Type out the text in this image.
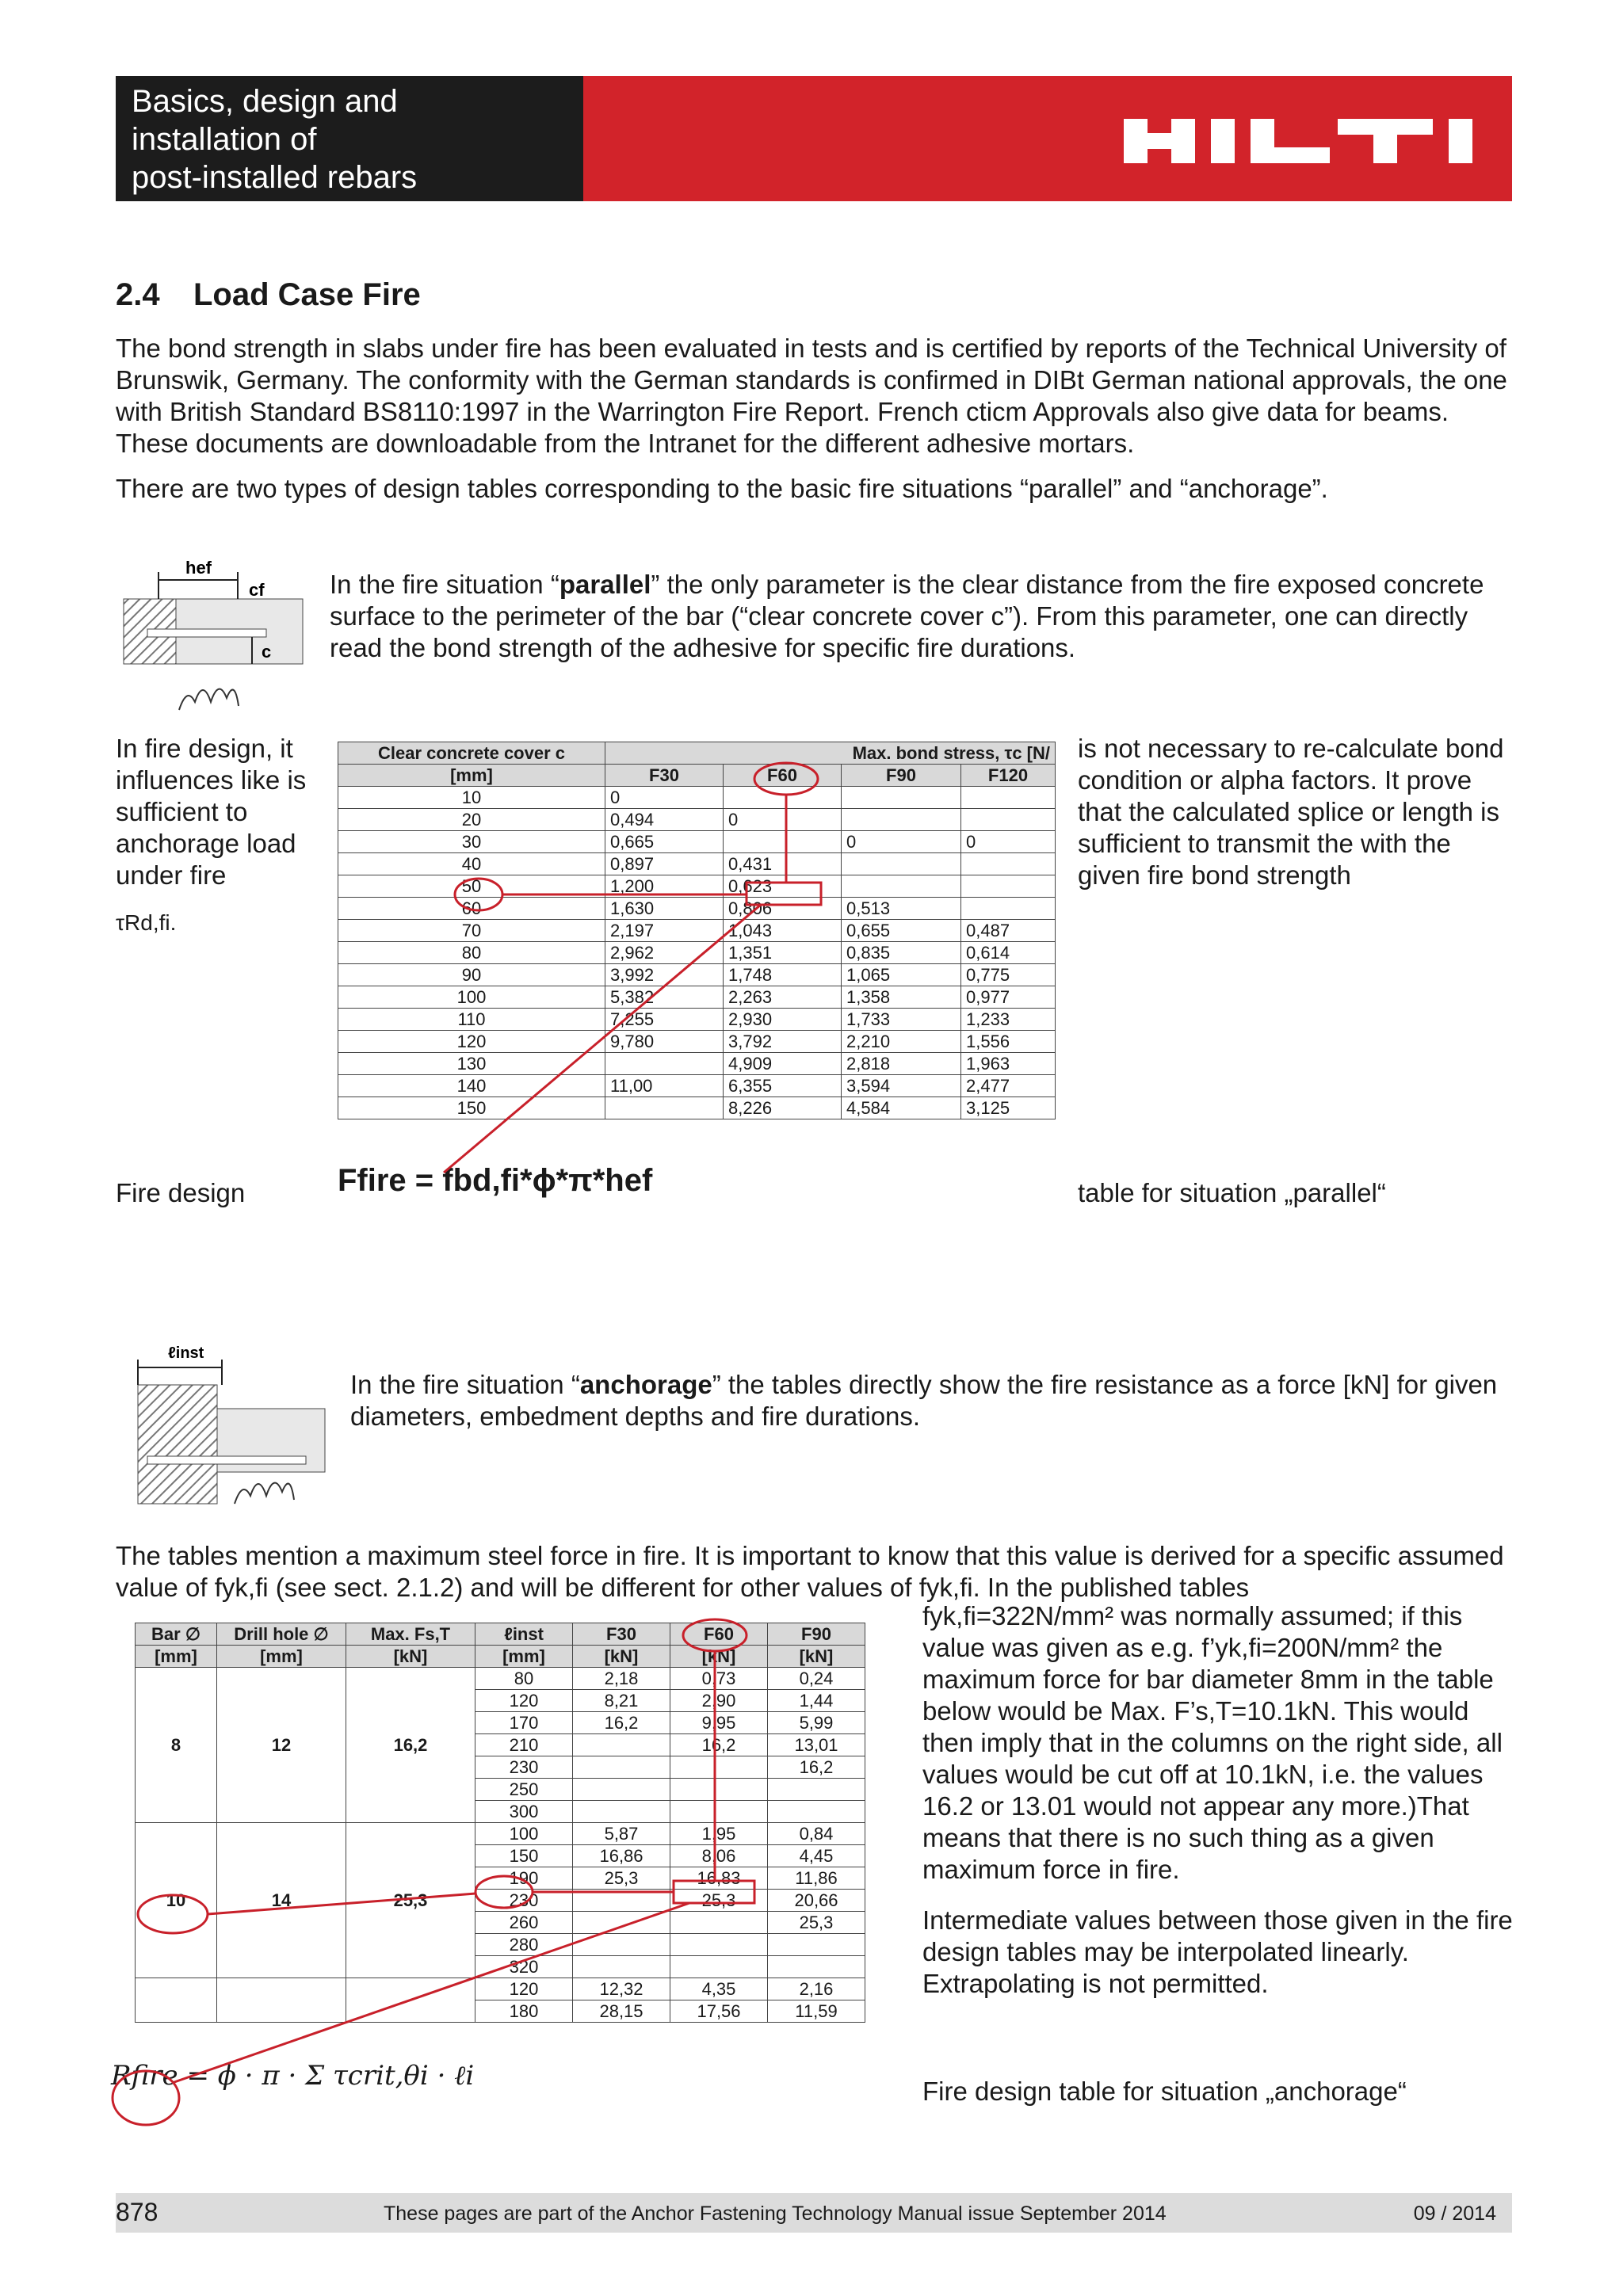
Basics, design and
installation of
post-installed rebars
2.4 Load Case Fire
The bond strength in slabs under fire has been evaluated in tests and is certified by reports of the Technical University of Brunswik, Germany. The conformity with the German standards is confirmed in DIBt German national approvals, the one with British Standard BS8110:1997 in the Warrington Fire Report. French cticm Approvals also give data for beams. These documents are downloadable from the Intranet for the different adhesive mortars.
There are two types of design tables corresponding to the basic fire situations “parallel” and “anchorage”.
hef
cf
c
In the fire situation “parallel” the only parameter is the clear distance from the fire exposed concrete surface to the perimeter of the bar (“clear concrete cover c”). From this parameter, one can directly read the bond strength of the adhesive for specific fire durations.
In fire design, it influences like is sufficient to anchorage load under fire
τRd,fi.
Clear concrete cover c	Max. bond stress, τc [N/			
[mm]	F30	F60	F90	F120
10	0			
20	0,494	0		
30	0,665		0	0
40	0,897	0,431		
50	1,200	0,623		
60	1,630	0,806	0,513	
70	2,197	1,043	0,655	0,487
80	2,962	1,351	0,835	0,614
90	3,992	1,748	1,065	0,775
100	5,382	2,263	1,358	0,977
110	7,255	2,930	1,733	1,233
120	9,780	3,792	2,210	1,556
130		4,909	2,818	1,963
140	11,00	6,355	3,594	2,477
150		8,226	4,584	3,125
is not necessary to re-calculate bond condition or alpha factors. It prove that the calculated splice or length is sufficient to transmit the with the given fire bond strength
Fire design	Ffire = fbd,fi*ϕ*π*hef	table for situation „parallel“
ℓinst
In the fire situation “anchorage” the tables directly show the fire resistance as a force [kN] for given diameters, embedment depths and fire durations.
The tables mention a maximum steel force in fire. It is important to know that this value is derived for a specific assumed value of fyk,fi (see sect. 2.1.2) and will be different for other values of fyk,fi. In the published tables
fyk,fi=322N/mm² was normally assumed; if this value was given as e.g. f’yk,fi=200N/mm² the maximum force for bar diameter 8mm in the table below would be Max. F’s,T=10.1kN. This would then imply that in the columns on the right side, all values would be cut off at 10.1kN, i.e. the values 16.2 or 13.01 would not appear any more.)That means that there is no such thing as a given maximum force in fire.
Intermediate values between those given in the fire design tables may be interpolated linearly. Extrapolating is not permitted.
Bar ∅	Drill hole ∅	Max. Fs,T	ℓinst	F30	F60	F90
[mm]	[mm]	[kN]	[mm]	[kN]	[kN]	[kN]
8	12	16,2	80	2,18	0,73	0,24
			120	8,21	2,90	1,44
			170	16,2	9,95	5,99
			210		16,2	13,01
			230			16,2
			250			
			300			
10	14	25,3	100	5,87	1,95	0,84
			150	16,86	8,06	4,45
			190	25,3	16,83	11,86
			230		25,3	20,66
			260			25,3
			280			
			320			
			120	12,32	4,35	2,16
			180	28,15	17,56	11,59
Rfire = ϕ · π · Σ τcrit,θi · ℓi	Fire design table for situation „anchorage“
878	These pages are part of the Anchor Fastening Technology Manual issue September 2014	09 / 2014
